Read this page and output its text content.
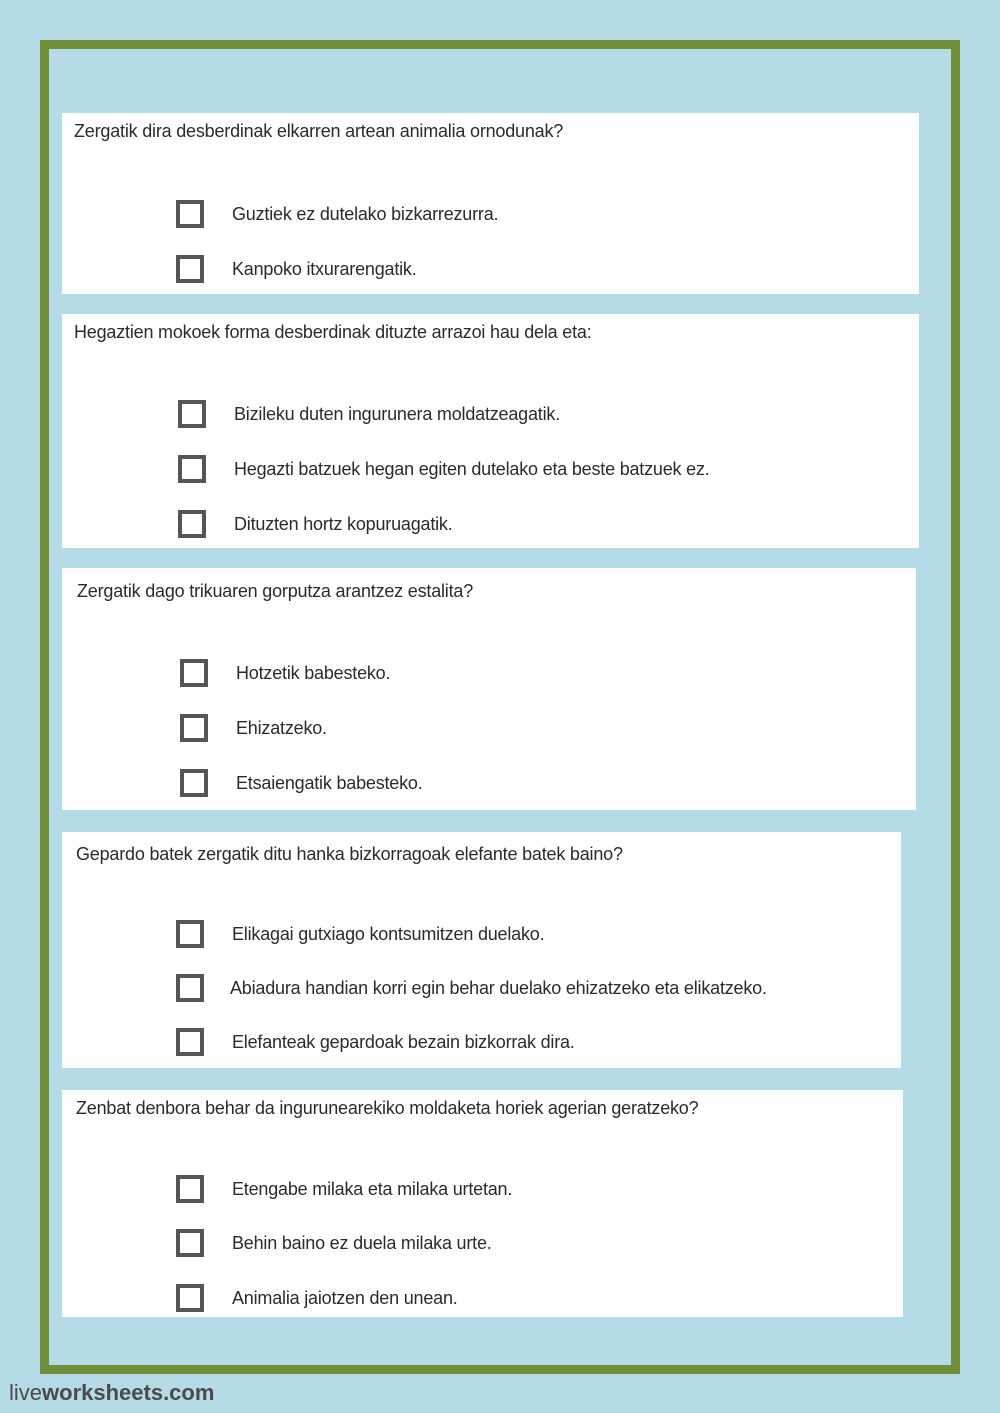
Zergatik dira desberdinak elkarren artean animalia ornodunak?
Guztiek ez dutelako bizkarrezurra.
Kanpoko itxurarengatik.
Hegaztien mokoek forma desberdinak dituzte arrazoi hau dela eta:
Bizileku duten ingurunera moldatzeagatik.
Hegazti batzuek hegan egiten dutelako eta beste batzuek ez.
Dituzten hortz kopuruagatik.
Zergatik dago trikuaren gorputza arantzez estalita?
Hotzetik babesteko.
Ehizatzeko.
Etsaiengatik babesteko.
Gepardo batek zergatik ditu hanka bizkorragoak elefante batek baino?
Elikagai gutxiago kontsumitzen duelako.
Abiadura handian korri egin behar duelako ehizatzeko eta elikatzeko.
Elefanteak gepardoak bezain bizkorrak dira.
Zenbat denbora behar da ingurunearekiko moldaketa horiek agerian geratzeko?
Etengabe milaka eta milaka urtetan.
Behin baino ez duela milaka urte.
Animalia jaiotzen den unean.
liveworksheets.com
